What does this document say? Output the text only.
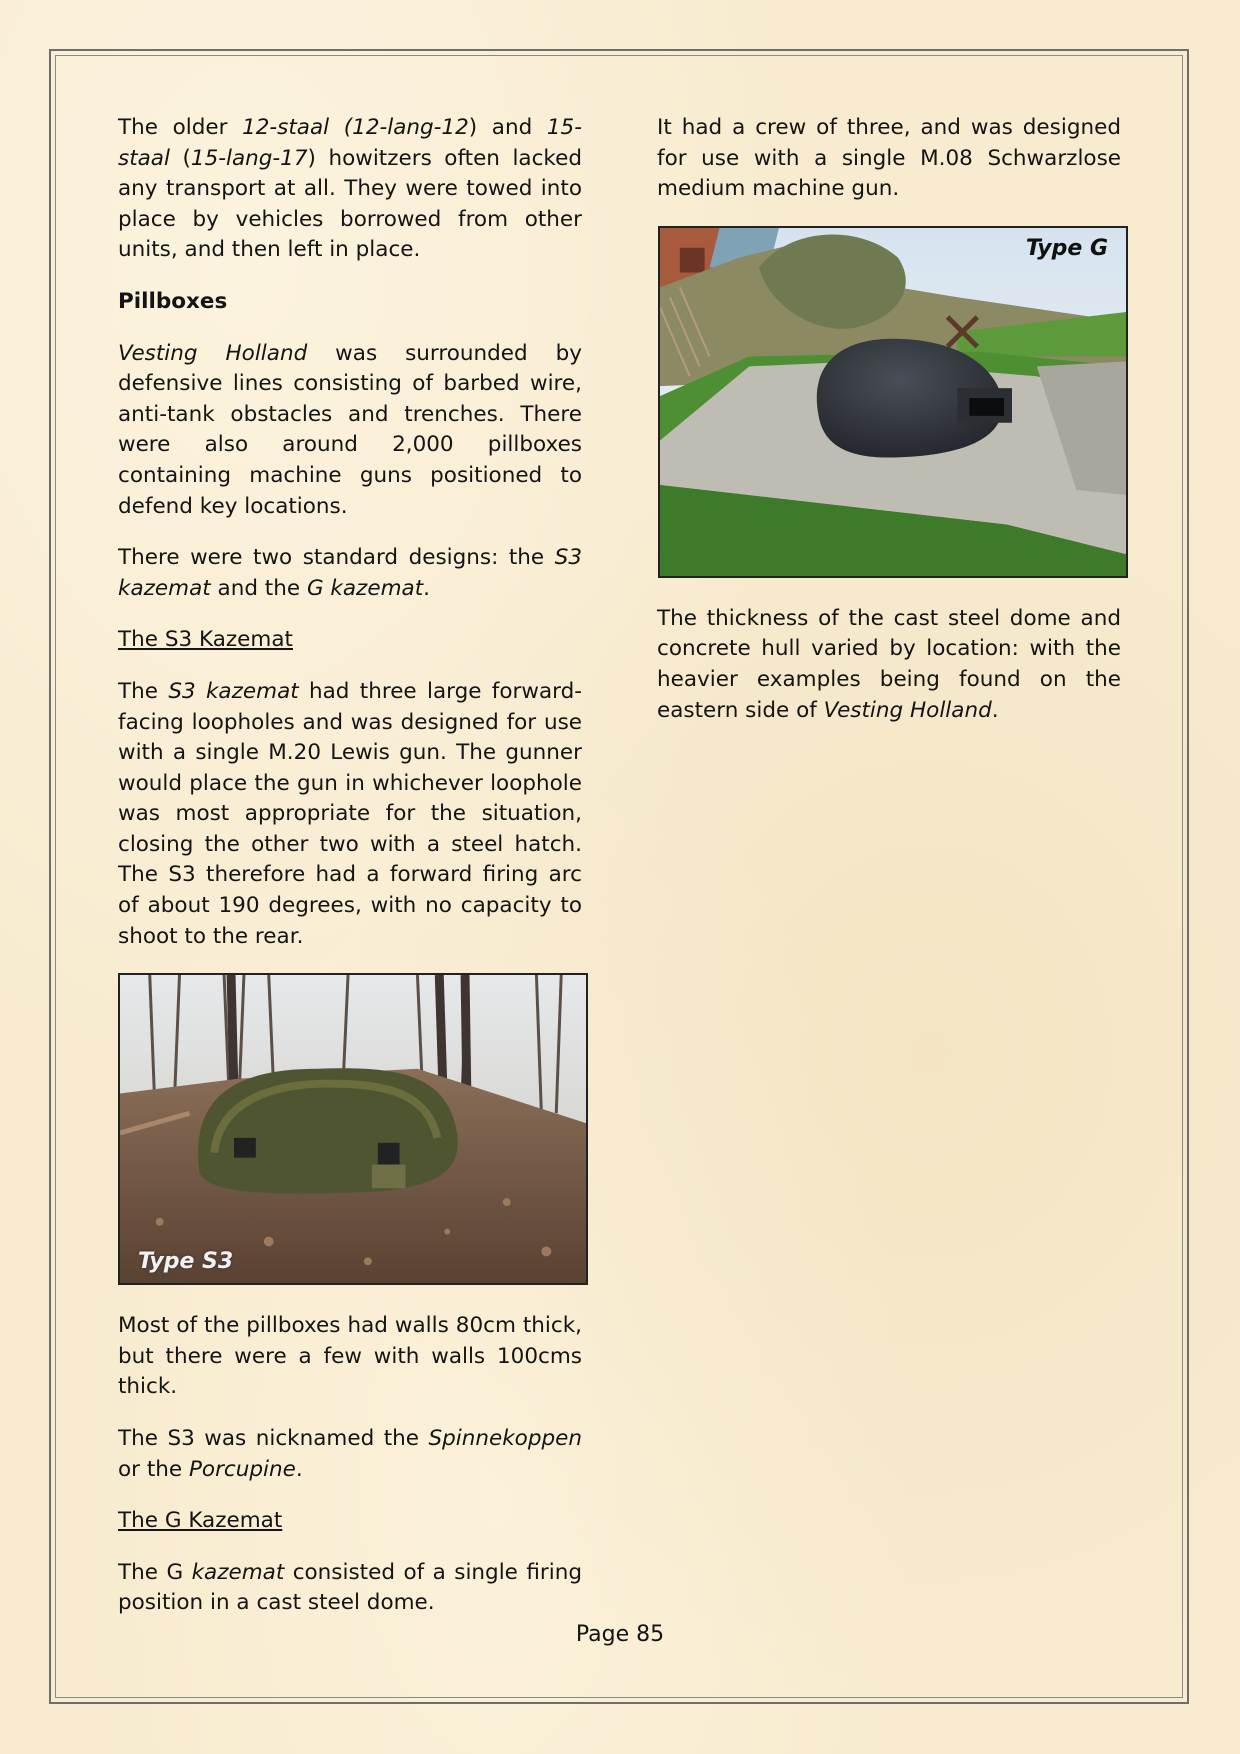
The older 12-staal (12-lang-12) and 15-staal (15-lang-17) howitzers often lacked any transport at all. They were towed into place by vehicles borrowed from other units, and then left in place.

Pillboxes

Vesting Holland was surrounded by defensive lines consisting of barbed wire, anti-tank obstacles and trenches. There were also around 2,000 pillboxes containing machine guns positioned to defend key locations.

There were two standard designs: the S3 kazemat and the G kazemat.

The S3 Kazemat

The S3 kazemat had three large forward-facing loopholes and was designed for use with a single M.20 Lewis gun. The gunner would place the gun in whichever loophole was most appropriate for the situation, closing the other two with a steel hatch. The S3 therefore had a forward firing arc of about 190 degrees, with no capacity to shoot to the rear.

Type S3

Most of the pillboxes had walls 80cm thick, but there were a few with walls 100cms thick.

The S3 was nicknamed the Spinnekoppen or the Porcupine.

The G Kazemat

The G kazemat consisted of a single firing position in a cast steel dome.

It had a crew of three, and was designed for use with a single M.08 Schwarzlose medium machine gun.

Type G

The thickness of the cast steel dome and concrete hull varied by location: with the heavier examples being found on the eastern side of Vesting Holland.

Page 85
